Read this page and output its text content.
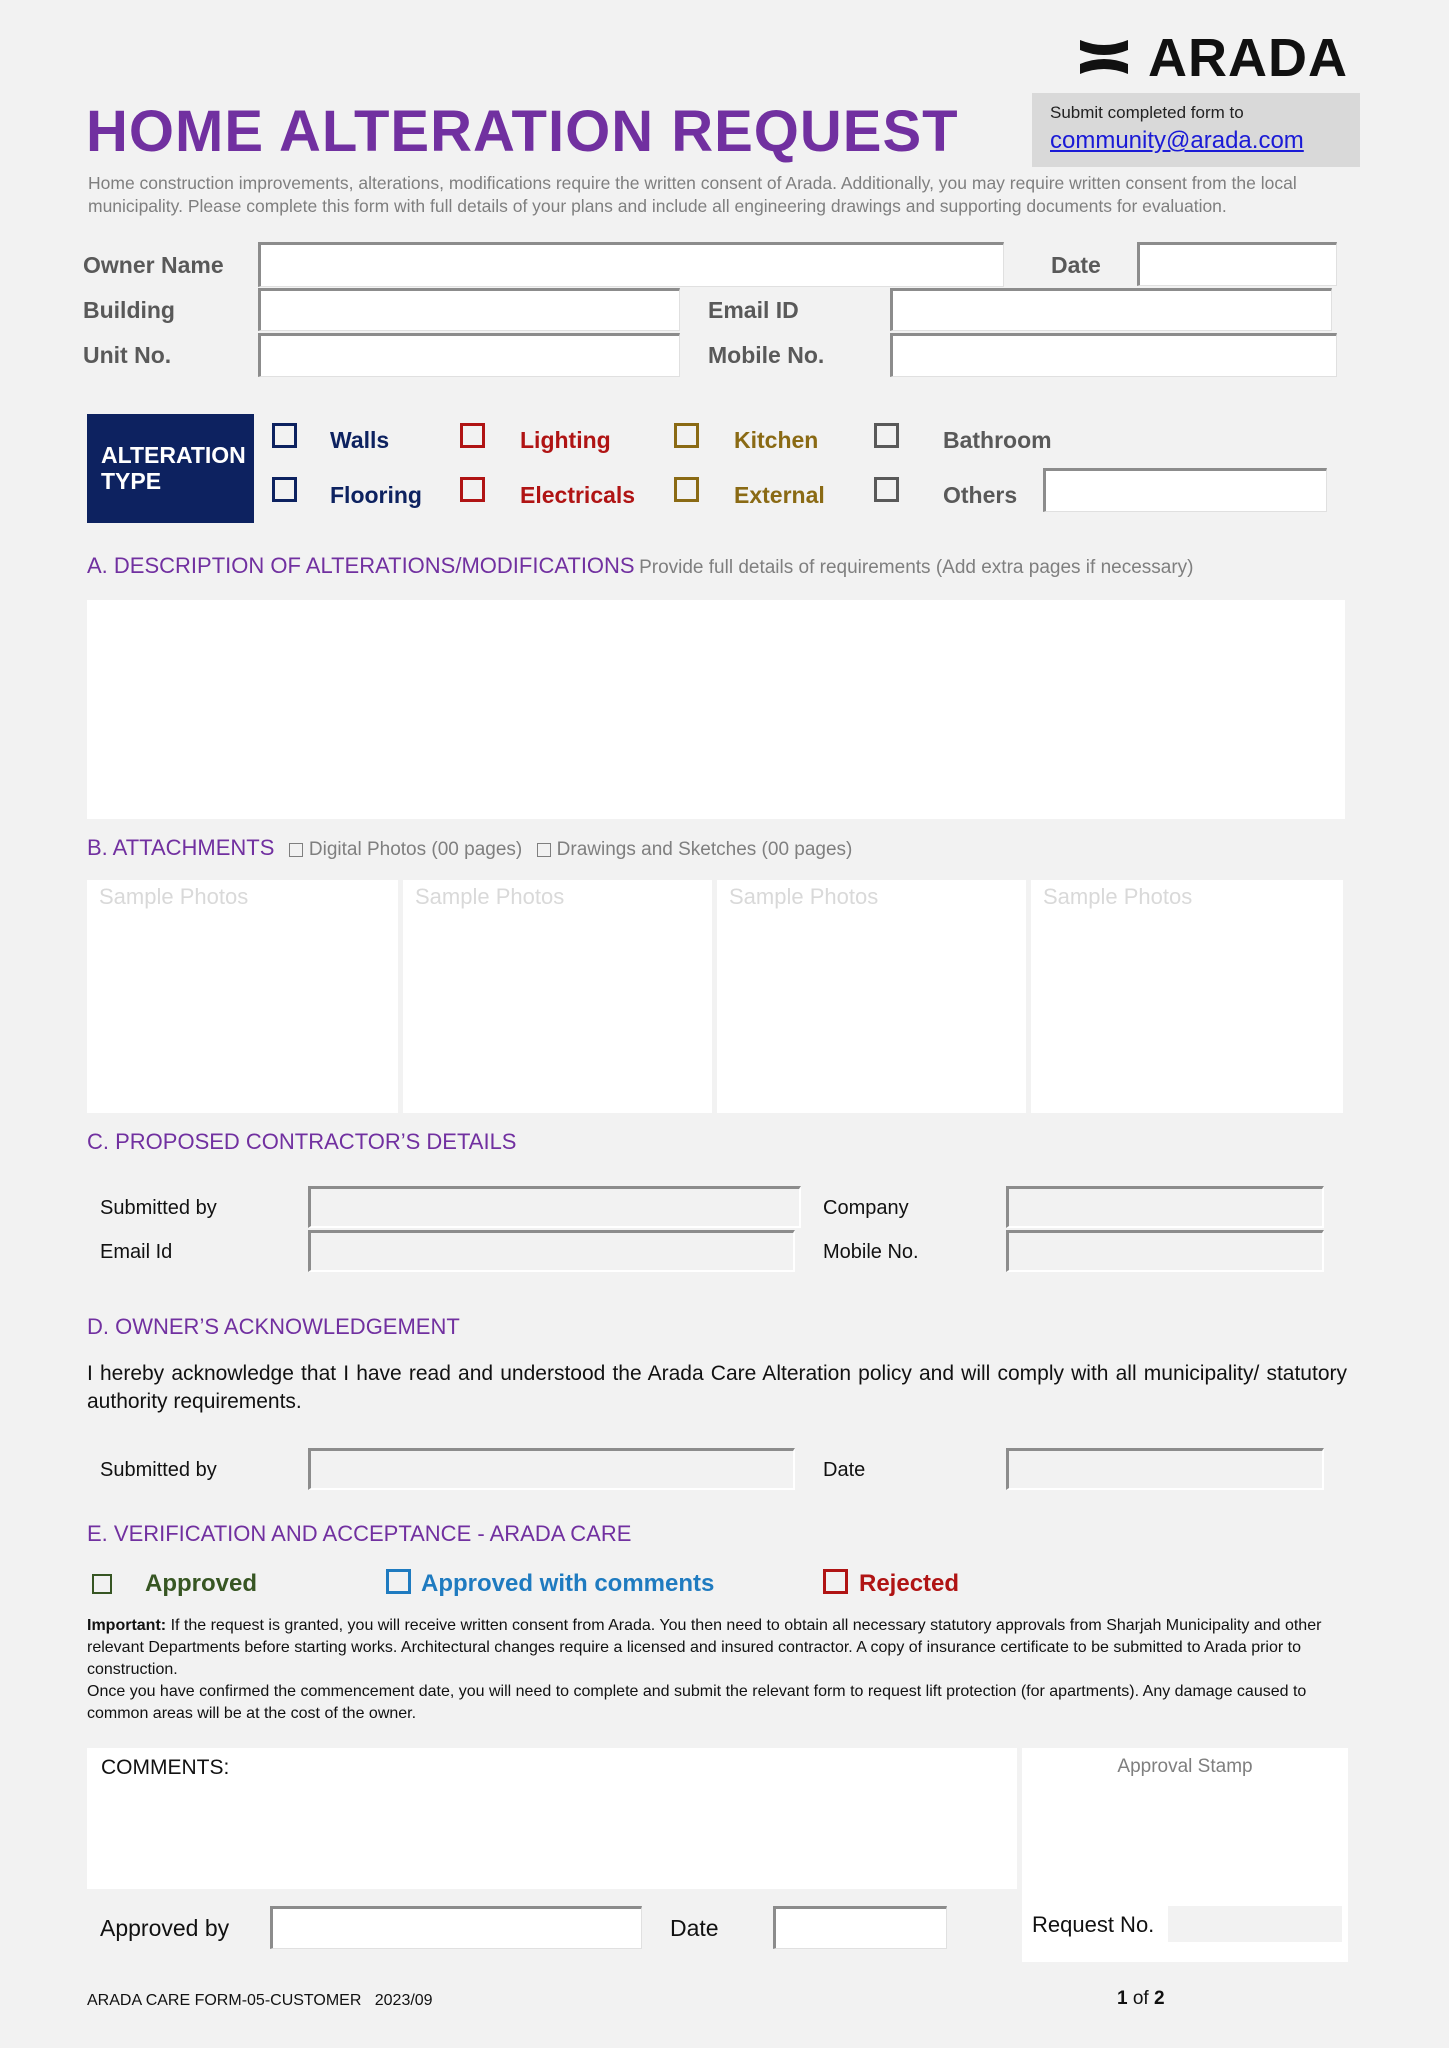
ARADA
Submit completed form to
community@arada.com
HOME ALTERATION REQUEST
Home construction improvements, alterations, modifications require the written consent of Arada. Additionally, you may require written consent from the local municipality. Please complete this form with full details of your plans and include all engineering drawings and supporting documents for evaluation.
Owner Name	Date
Building	Email ID
Unit No.	Mobile No.
ALTERATION TYPE
Walls	Lighting	Kitchen	Bathroom
Flooring	Electricals	External	Others
A. DESCRIPTION OF ALTERATIONS/MODIFICATIONS Provide full details of requirements (Add extra pages if necessary)
B. ATTACHMENTS Digital Photos (00 pages) Drawings and Sketches (00 pages)
Sample Photos	Sample Photos	Sample Photos	Sample Photos
C. PROPOSED CONTRACTOR’S DETAILS
Submitted by	Company
Email Id	Mobile No.
D. OWNER’S ACKNOWLEDGEMENT
I hereby acknowledge that I have read and understood the Arada Care Alteration policy and will comply with all municipality/ statutory authority requirements.
Submitted by	Date
E. VERIFICATION AND ACCEPTANCE - ARADA CARE
Approved	Approved with comments	Rejected
Important: If the request is granted, you will receive written consent from Arada. You then need to obtain all necessary statutory approvals from Sharjah Municipality and other relevant Departments before starting works. Architectural changes require a licensed and insured contractor. A copy of insurance certificate to be submitted to Arada prior to construction.
Once you have confirmed the commencement date, you will need to complete and submit the relevant form to request lift protection (for apartments). Any damage caused to common areas will be at the cost of the owner.
COMMENTS:	Approval Stamp
Request No.
Approved by	Date
ARADA CARE FORM-05-CUSTOMER   2023/09	1 of 2
